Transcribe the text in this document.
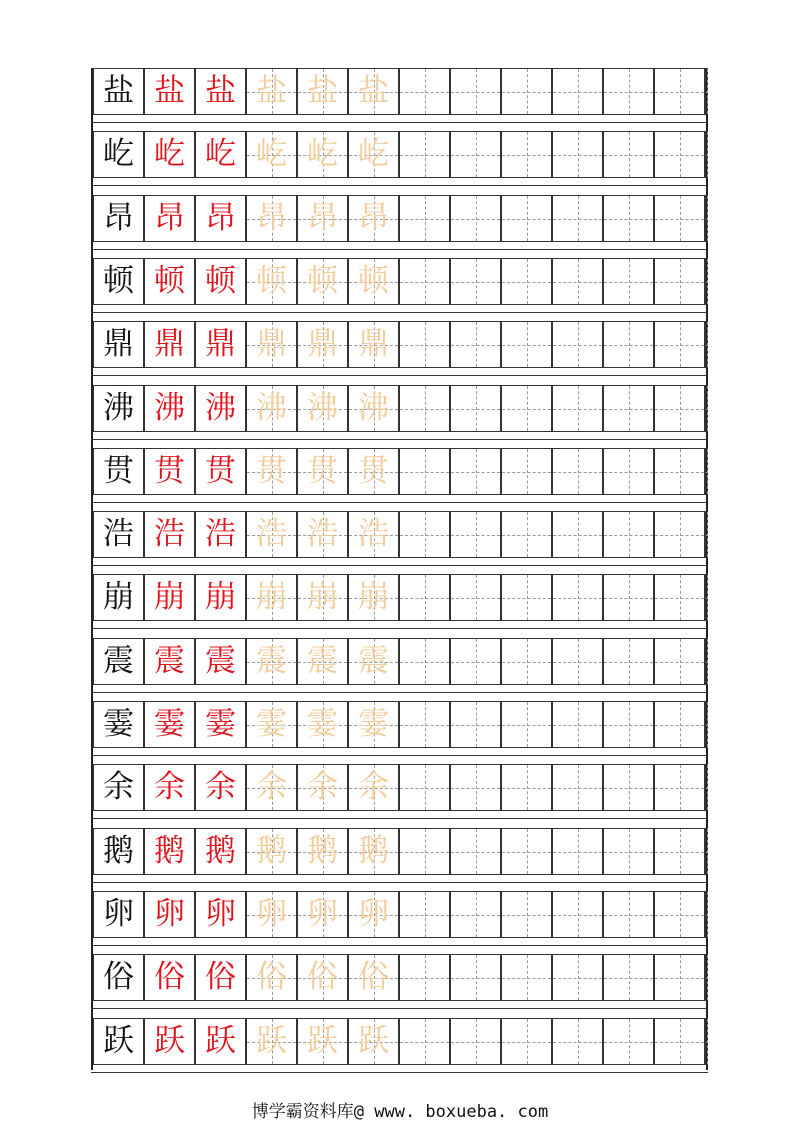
盐 盐 盐 盐 盐 盐
屹 屹 屹 屹 屹 屹
昂 昂 昂 昂 昂 昂
顿 顿 顿 顿 顿 顿
鼎 鼎 鼎 鼎 鼎 鼎
沸 沸 沸 沸 沸 沸
贯 贯 贯 贯 贯 贯
浩 浩 浩 浩 浩 浩
崩 崩 崩 崩 崩 崩
震 震 震 震 震 震
霎 霎 霎 霎 霎 霎
余 余 余 余 余 余
鹅 鹅 鹅 鹅 鹅 鹅
卵 卵 卵 卵 卵 卵
俗 俗 俗 俗 俗 俗
跃 跃 跃 跃 跃 跃
博学霸资料库@ www. boxueba. com
